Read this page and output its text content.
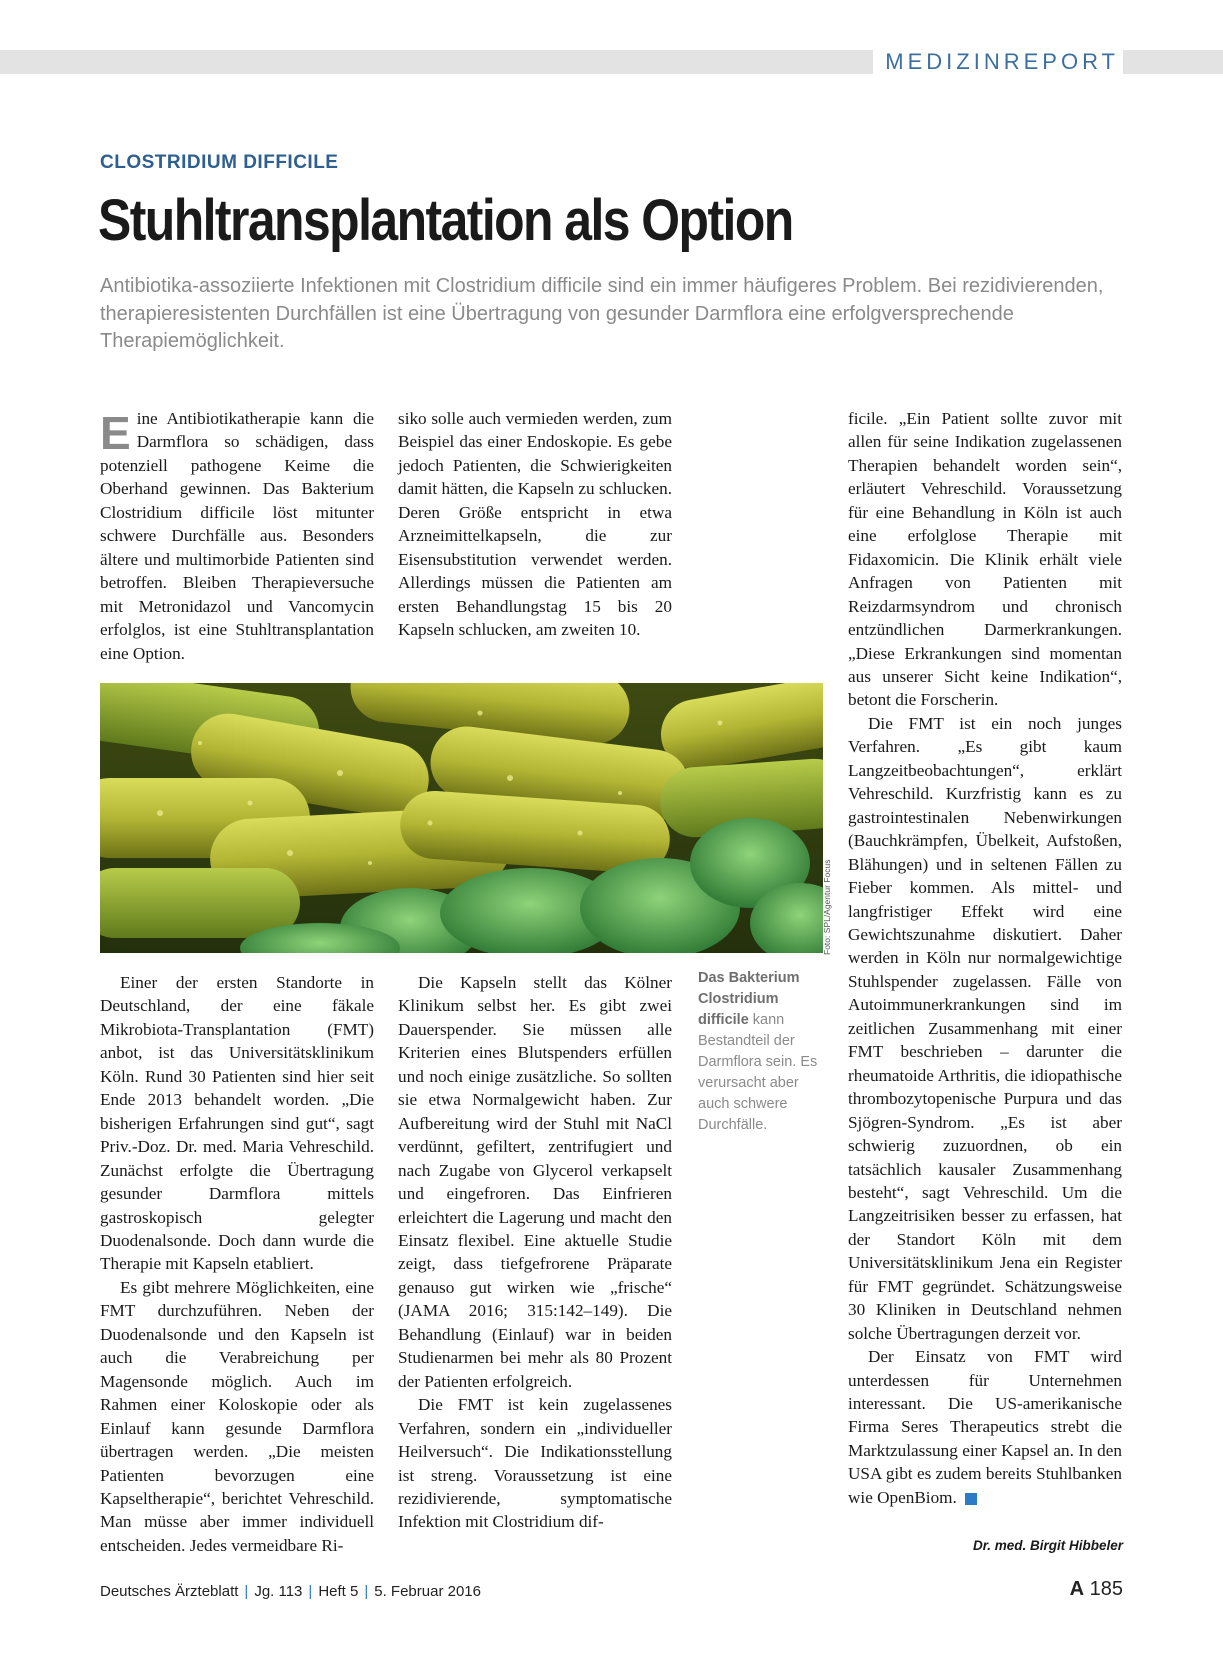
MEDIZINREPORT
CLOSTRIDIUM DIFFICILE
Stuhltransplantation als Option
Antibiotika-assoziierte Infektionen mit Clostridium difficile sind ein immer häufigeres Problem. Bei rezidivierenden, therapieresistenten Durchfällen ist eine Übertragung von gesunder Darmflora eine erfolgversprechende Therapiemöglichkeit.

Eine Antibiotikatherapie kann die Darmflora so schädigen, dass potenziell pathogene Keime die Oberhand gewinnen. Das Bakterium Clostridium difficile löst mitunter schwere Durchfälle aus. Besonders ältere und multimorbide Patienten sind betroffen. Bleiben Therapieversuche mit Metronidazol und Vancomycin erfolglos, ist eine Stuhltransplantation eine Option.

siko solle auch vermieden werden, zum Beispiel das einer Endoskopie. Es gebe jedoch Patienten, die Schwierigkeiten damit hätten, die Kapseln zu schlucken. Deren Größe entspricht in etwa Arzneimittelkapseln, die zur Eisensubstitution verwendet werden. Allerdings müssen die Patienten am ersten Behandlungstag 15 bis 20 Kapseln schlucken, am zweiten 10.

Foto: SPL/Agentur Focus

Einer der ersten Standorte in Deutschland, der eine fäkale Mikrobiota-Transplantation (FMT) anbot, ist das Universitätsklinikum Köln. Rund 30 Patienten sind hier seit Ende 2013 behandelt worden. „Die bisherigen Erfahrungen sind gut“, sagt Priv.-Doz. Dr. med. Maria Vehreschild. Zunächst erfolgte die Übertragung gesunder Darmflora mittels gastroskopisch gelegter Duodenalsonde. Doch dann wurde die Therapie mit Kapseln etabliert.

Es gibt mehrere Möglichkeiten, eine FMT durchzuführen. Neben der Duodenalsonde und den Kapseln ist auch die Verabreichung per Magensonde möglich. Auch im Rahmen einer Koloskopie oder als Einlauf kann gesunde Darmflora übertragen werden. „Die meisten Patienten bevorzugen eine Kapseltherapie“, berichtet Vehreschild. Man müsse aber immer individuell entscheiden. Jedes vermeidbare Ri-

Die Kapseln stellt das Kölner Klinikum selbst her. Es gibt zwei Dauerspender. Sie müssen alle Kriterien eines Blutspenders erfüllen und noch einige zusätzliche. So sollten sie etwa Normalgewicht haben. Zur Aufbereitung wird der Stuhl mit NaCl verdünnt, gefiltert, zentrifugiert und nach Zugabe von Glycerol verkapselt und eingefroren. Das Einfrieren erleichtert die Lagerung und macht den Einsatz flexibel. Eine aktuelle Studie zeigt, dass tiefgefrorene Präparate genauso gut wirken wie „frische“ (JAMA 2016; 315:142–149). Die Behandlung (Einlauf) war in beiden Studienarmen bei mehr als 80 Prozent der Patienten erfolgreich.

Die FMT ist kein zugelassenes Verfahren, sondern ein „individueller Heilversuch“. Die Indikationsstellung ist streng. Voraussetzung ist eine rezidivierende, symptomatische Infektion mit Clostridium dif-

Das Bakterium Clostridium difficile kann Bestandteil der Darmflora sein. Es verursacht aber auch schwere Durchfälle.

ficile. „Ein Patient sollte zuvor mit allen für seine Indikation zugelassenen Therapien behandelt worden sein“, erläutert Vehreschild. Voraussetzung für eine Behandlung in Köln ist auch eine erfolglose Therapie mit Fidaxomicin. Die Klinik erhält viele Anfragen von Patienten mit Reizdarmsyndrom und chronisch entzündlichen Darmerkrankungen. „Diese Erkrankungen sind momentan aus unserer Sicht keine Indikation“, betont die Forscherin.

Die FMT ist ein noch junges Verfahren. „Es gibt kaum Langzeitbeobachtungen“, erklärt Vehreschild. Kurzfristig kann es zu gastrointestinalen Nebenwirkungen (Bauchkrämpfen, Übelkeit, Aufstoßen, Blähungen) und in seltenen Fällen zu Fieber kommen. Als mittel- und langfristiger Effekt wird eine Gewichtszunahme diskutiert. Daher werden in Köln nur normalgewichtige Stuhlspender zugelassen. Fälle von Autoimmunerkrankungen sind im zeitlichen Zusammenhang mit einer FMT beschrieben – darunter die rheumatoide Arthritis, die idiopathische thrombozytopenische Purpura und das Sjögren-Syndrom. „Es ist aber schwierig zuzuordnen, ob ein tatsächlich kausaler Zusammenhang besteht“, sagt Vehreschild. Um die Langzeitrisiken besser zu erfassen, hat der Standort Köln mit dem Universitätsklinikum Jena ein Register für FMT gegründet. Schätzungsweise 30 Kliniken in Deutschland nehmen solche Übertragungen derzeit vor.

Der Einsatz von FMT wird unterdessen für Unternehmen interessant. Die US-amerikanische Firma Seres Therapeutics strebt die Marktzulassung einer Kapsel an. In den USA gibt es zudem bereits Stuhlbanken wie OpenBiom.

Dr. med. Birgit Hibbeler
Deutsches Ärzteblatt | Jg. 113 | Heft 5 | 5. Februar 2016	A 185
